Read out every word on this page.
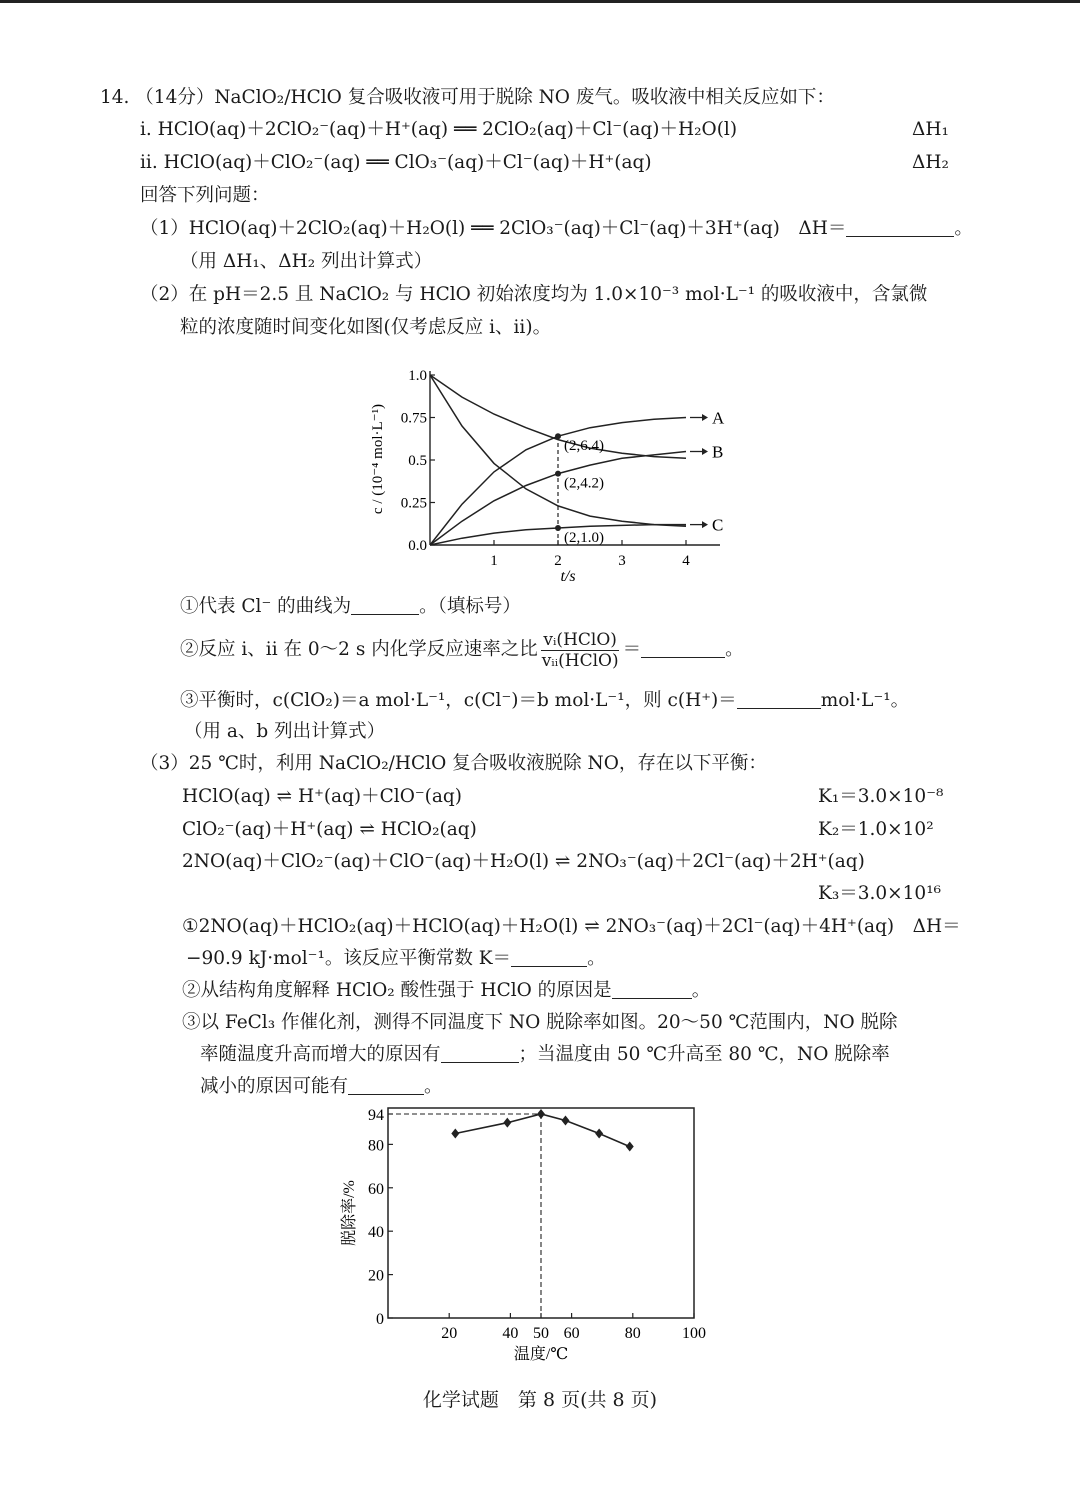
14. （14分）NaClO₂/HClO 复合吸收液可用于脱除 NO 废气。吸收液中相关反应如下：
i. HClO(aq)＋2ClO₂⁻(aq)＋H⁺(aq) ══ 2ClO₂(aq)＋Cl⁻(aq)＋H₂O(l)	ΔH₁
ii. HClO(aq)＋ClO₂⁻(aq) ══ ClO₃⁻(aq)＋Cl⁻(aq)＋H⁺(aq)	ΔH₂
回答下列问题：
（1）HClO(aq)＋2ClO₂(aq)＋H₂O(l) ══ 2ClO₃⁻(aq)＋Cl⁻(aq)＋3H⁺(aq)　ΔH＝	。
（用 ΔH₁、ΔH₂ 列出计算式）
（2）在 pH＝2.5 且 NaClO₂ 与 HClO 初始浓度均为 1.0×10⁻³ mol·L⁻¹ 的吸收液中，含氯微
粒的浓度随时间变化如图(仅考虑反应 i、ii)。
1	2	3	4
0.0
0.25
0.5
0.75
1.0
A
B
C
(2,6.4)
(2,4.2)
(2,1.0)
t/s
c / (10⁻⁴ mol·L⁻¹)
①代表 Cl⁻ 的曲线为	。（填标号）
②反应 i、ii 在 0～2 s 内化学反应速率之比 $\frac{\text{vᵢ(HClO)}}{\text{vᵢᵢ(HClO)}}$ ＝	。
③平衡时，c(ClO₂)＝a mol·L⁻¹，c(Cl⁻)＝b mol·L⁻¹，则 c(H⁺)＝	mol·L⁻¹。
（用 a、b 列出计算式）
（3）25 ℃时，利用 NaClO₂/HClO 复合吸收液脱除 NO，存在以下平衡：
HClO(aq) ⇌ H⁺(aq)＋ClO⁻(aq)	K₁＝3.0×10⁻⁸
ClO₂⁻(aq)＋H⁺(aq) ⇌ HClO₂(aq)	K₂＝1.0×10²
2NO(aq)＋ClO₂⁻(aq)＋ClO⁻(aq)＋H₂O(l) ⇌ 2NO₃⁻(aq)＋2Cl⁻(aq)＋2H⁺(aq)
K₃＝3.0×10¹⁶
①2NO(aq)＋HClO₂(aq)＋HClO(aq)＋H₂O(l) ⇌ 2NO₃⁻(aq)＋2Cl⁻(aq)＋4H⁺(aq)　ΔH＝
−90.9 kJ·mol⁻¹。该反应平衡常数 K＝	。
②从结构角度解释 HClO₂ 酸性强于 HClO 的原因是	。
③以 FeCl₃ 作催化剂，测得不同温度下 NO 脱除率如图。20～50 ℃范围内，NO 脱除
率随温度升高而增大的原因有	；当温度由 50 ℃升高至 80 ℃，NO 脱除率
减小的原因可能有	。
20	40 50 60	80	100
0
20
40
60
80
94
脱除率/%
温度/℃
化学试题　第 8 页(共 8 页)
